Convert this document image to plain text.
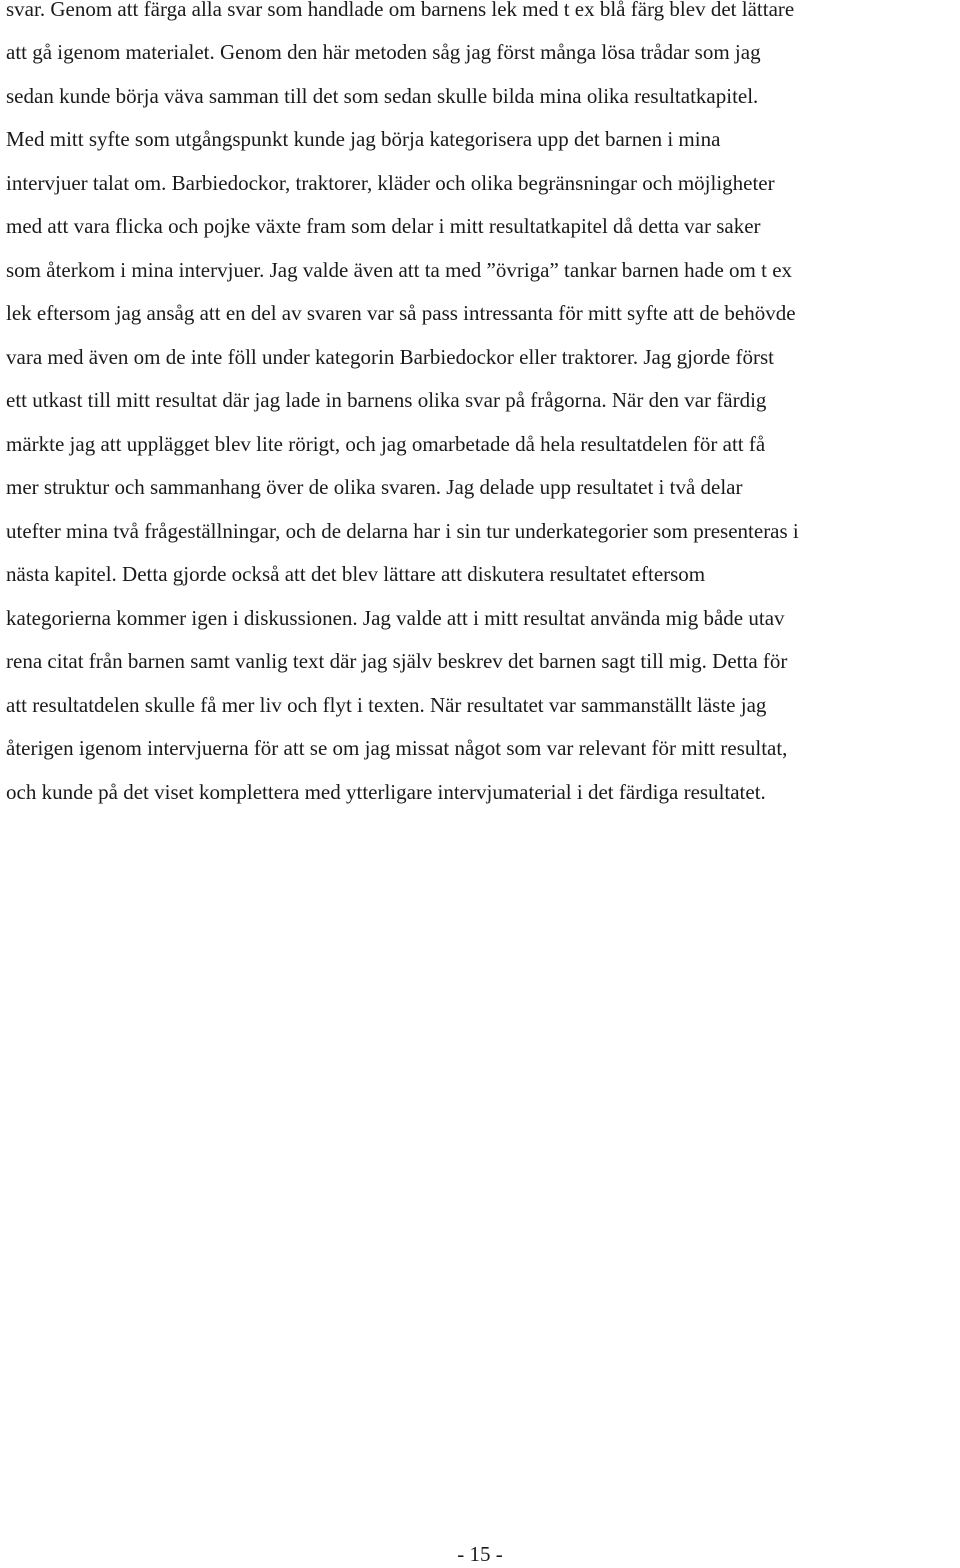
svar. Genom att färga alla svar som handlade om barnens lek med t ex blå färg blev det lättare
att gå igenom materialet. Genom den här metoden såg jag först många lösa trådar som jag
sedan kunde börja väva samman till det som sedan skulle bilda mina olika resultatkapitel.
Med mitt syfte som utgångspunkt kunde jag börja kategorisera upp det barnen i mina
intervjuer talat om. Barbiedockor, traktorer, kläder och olika begränsningar och möjligheter
med att vara flicka och pojke växte fram som delar i mitt resultatkapitel då detta var saker
som återkom i mina intervjuer. Jag valde även att ta med ”övriga” tankar barnen hade om t ex
lek eftersom jag ansåg att en del av svaren var så pass intressanta för mitt syfte att de behövde
vara med även om de inte föll under kategorin Barbiedockor eller traktorer. Jag gjorde först
ett utkast till mitt resultat där jag lade in barnens olika svar på frågorna. När den var färdig
märkte jag att upplägget blev lite rörigt, och jag omarbetade då hela resultatdelen för att få
mer struktur och sammanhang över de olika svaren. Jag delade upp resultatet i två delar
utefter mina två frågeställningar, och de delarna har i sin tur underkategorier som presenteras i
nästa kapitel. Detta gjorde också att det blev lättare att diskutera resultatet eftersom
kategorierna kommer igen i diskussionen. Jag valde att i mitt resultat använda mig både utav
rena citat från barnen samt vanlig text där jag själv beskrev det barnen sagt till mig. Detta för
att resultatdelen skulle få mer liv och flyt i texten. När resultatet var sammanställt läste jag
återigen igenom intervjuerna för att se om jag missat något som var relevant för mitt resultat,
och kunde på det viset komplettera med ytterligare intervjumaterial i det färdiga resultatet.
- 15 -
